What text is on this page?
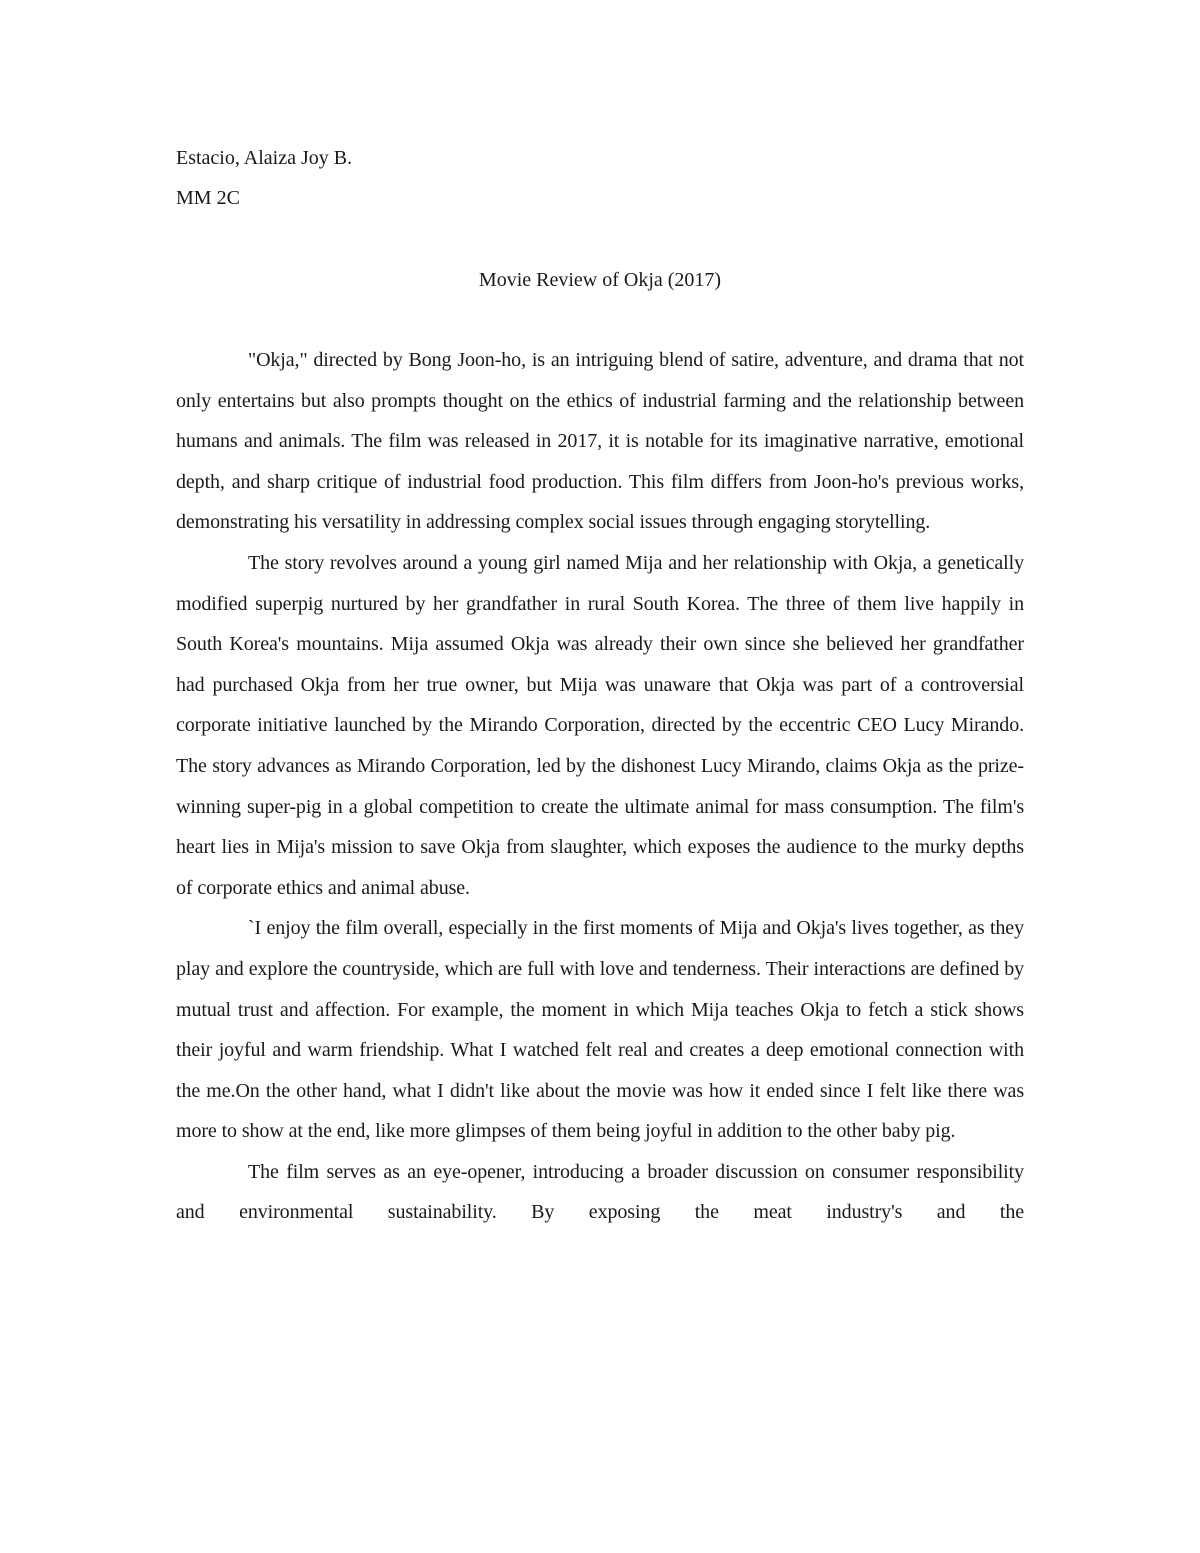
Estacio, Alaiza Joy B.

MM 2C

Movie Review of Okja (2017)

"Okja," directed by Bong Joon-ho, is an intriguing blend of satire, adventure, and drama that not only entertains but also prompts thought on the ethics of industrial farming and the relationship between humans and animals. The film was released in 2017, it is notable for its imaginative narrative, emotional depth, and sharp critique of industrial food production. This film differs from Joon-ho's previous works, demonstrating his versatility in addressing complex social issues through engaging storytelling.

The story revolves around a young girl named Mija and her relationship with Okja, a genetically modified superpig nurtured by her grandfather in rural South Korea. The three of them live happily in South Korea's mountains. Mija assumed Okja was already their own since she believed her grandfather had purchased Okja from her true owner, but Mija was unaware that Okja was part of a controversial corporate initiative launched by the Mirando Corporation, directed by the eccentric CEO Lucy Mirando. The story advances as Mirando Corporation, led by the dishonest Lucy Mirando, claims Okja as the prize-winning super-pig in a global competition to create the ultimate animal for mass consumption. The film's heart lies in Mija's mission to save Okja from slaughter, which exposes the audience to the murky depths of corporate ethics and animal abuse.

`I enjoy the film overall, especially in the first moments of Mija and Okja's lives together, as they play and explore the countryside, which are full with love and tenderness. Their interactions are defined by mutual trust and affection. For example, the moment in which Mija teaches Okja to fetch a stick shows their joyful and warm friendship. What I watched felt real and creates a deep emotional connection with the me.On the other hand, what I didn't like about the movie was how it ended since I felt like there was more to show at the end, like more glimpses of them being joyful in addition to the other baby pig.

The film serves as an eye-opener, introducing a broader discussion on consumer responsibility and environmental sustainability. By exposing the meat industry's and the
